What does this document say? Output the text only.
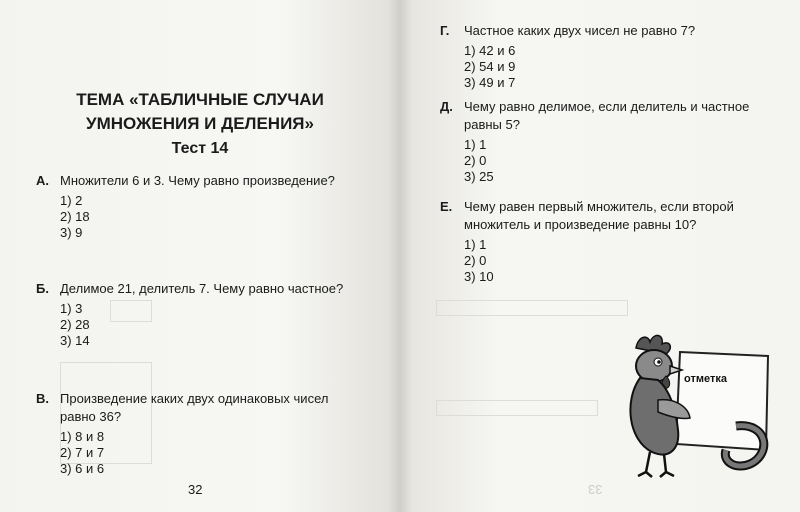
ТЕМА «ТАБЛИЧНЫЕ СЛУЧАИ УМНОЖЕНИЯ И ДЕЛЕНИЯ»
Тест 14
А. Множители 6 и 3. Чему равно произведение?
1) 2
2) 18
3) 9
Б. Делимое 21, делитель 7. Чему равно частное?
1) 3
2) 28
3) 14
В. Произведение каких двух одинаковых чисел равно 36?
1) 8 и 8
2) 7 и 7
3) 6 и 6
32
Г.	Частное каких двух чисел не равно 7?
1) 42 и 6
2) 54 и 9
3) 49 и 7
Д. Чему равно делимое, если делитель и частное равны 5?
1) 1
2) 0
3) 25
Е. Чему равен первый множитель, если второй множитель и произведение равны 10?
1) 1
2) 0
3) 10
отметка
33
